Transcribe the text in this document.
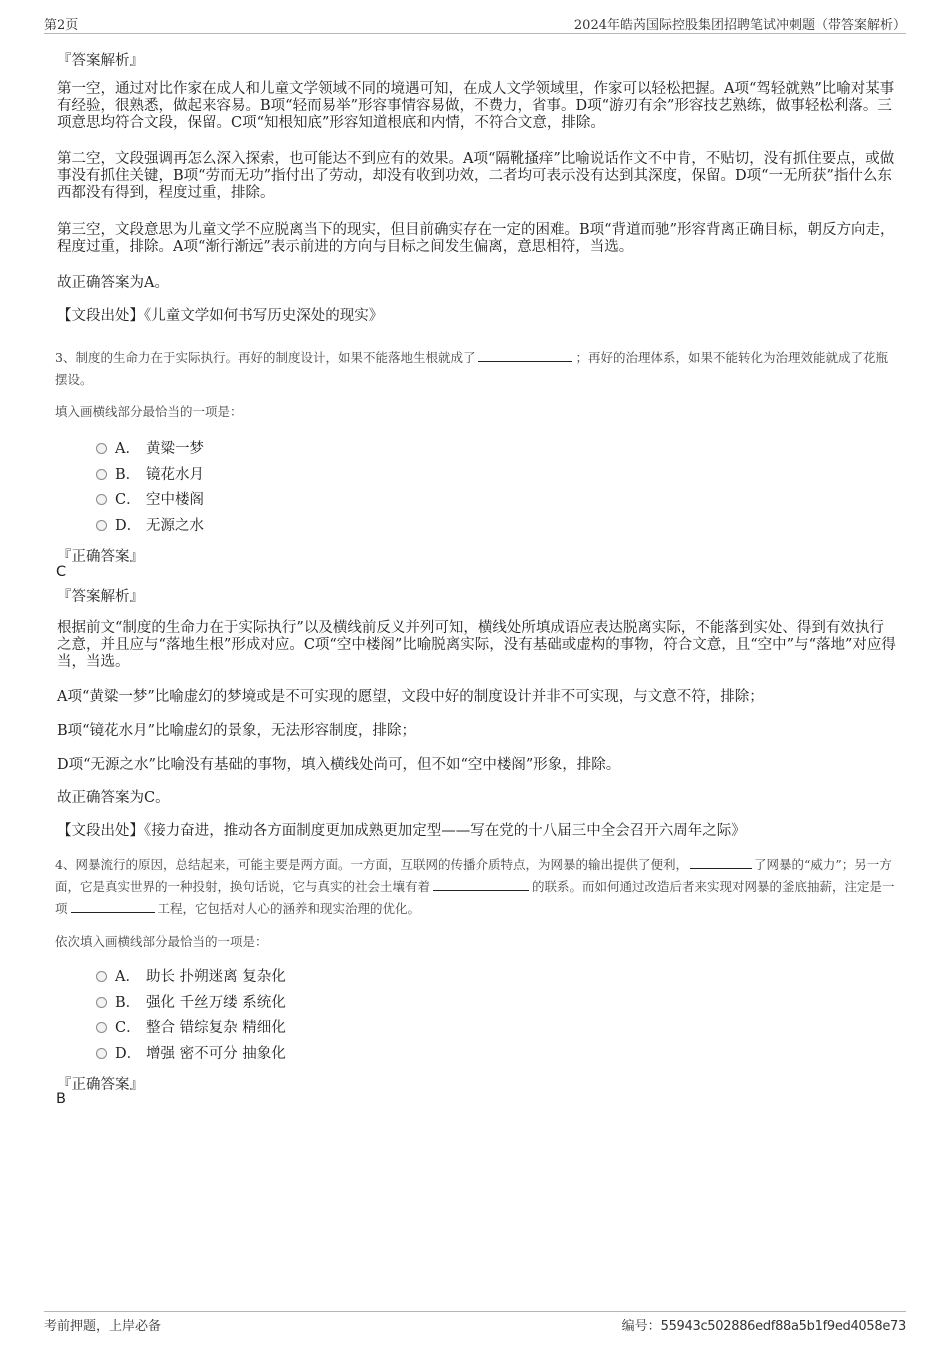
第2页	2024年皓芮国际控股集团招聘笔试冲刺题（带答案解析）
『答案解析』
第一空，通过对比作家在成人和儿童文学领域不同的境遇可知，在成人文学领域里，作家可以轻松把握。A项“驾轻就熟”比喻对某事有经验，很熟悉，做起来容易。B项“轻而易举”形容事情容易做，不费力，省事。D项“游刃有余”形容技艺熟练，做事轻松利落。三项意思均符合文段，保留。C项“知根知底”形容知道根底和内情，不符合文意，排除。
第二空，文段强调再怎么深入探索，也可能达不到应有的效果。A项“隔靴搔痒”比喻说话作文不中肯，不贴切，没有抓住要点，或做事没有抓住关键，B项“劳而无功”指付出了劳动，却没有收到功效，二者均可表示没有达到其深度，保留。D项“一无所获”指什么东西都没有得到，程度过重，排除。
第三空，文段意思为儿童文学不应脱离当下的现实，但目前确实存在一定的困难。B项“背道而驰”形容背离正确目标，朝反方向走，程度过重，排除。A项“渐行渐远”表示前进的方向与目标之间发生偏离，意思相符，当选。
故正确答案为A。
【文段出处】《儿童文学如何书写历史深处的现实》
3、制度的生命力在于实际执行。再好的制度设计，如果不能落地生根就成了	；再好的治理体系，如果不能转化为治理效能就成了花瓶摆设。
填入画横线部分最恰当的一项是：
A． 黄粱一梦
B． 镜花水月
C． 空中楼阁
D． 无源之水
『正确答案』
C
『答案解析』
根据前文“制度的生命力在于实际执行”以及横线前反义并列可知，横线处所填成语应表达脱离实际，不能落到实处、得到有效执行之意，并且应与“落地生根”形成对应。C项“空中楼阁”比喻脱离实际，没有基础或虚构的事物，符合文意，且“空中”与“落地”对应得当，当选。
A项“黄粱一梦”比喻虚幻的梦境或是不可实现的愿望，文段中好的制度设计并非不可实现，与文意不符，排除；
B项“镜花水月”比喻虚幻的景象，无法形容制度，排除；
D项“无源之水”比喻没有基础的事物，填入横线处尚可，但不如“空中楼阁”形象，排除。
故正确答案为C。
【文段出处】《接力奋进，推动各方面制度更加成熟更加定型——写在党的十八届三中全会召开六周年之际》
4、网暴流行的原因，总结起来，可能主要是两方面。一方面，互联网的传播介质特点，为网暴的输出提供了便利，	了网暴的“威力”；另一方面，它是真实世界的一种投射，换句话说，它与真实的社会土壤有着	的联系。而如何通过改造后者来实现对网暴的釜底抽薪，注定是一项	工程，它包括对人心的涵养和现实治理的优化。
依次填入画横线部分最恰当的一项是：
A． 助长 扑朔迷离 复杂化
B． 强化 千丝万缕 系统化
C． 整合 错综复杂 精细化
D． 增强 密不可分 抽象化
『正确答案』
B
考前押题，上岸必备	编号：55943c502886edf88a5b1f9ed4058e73
